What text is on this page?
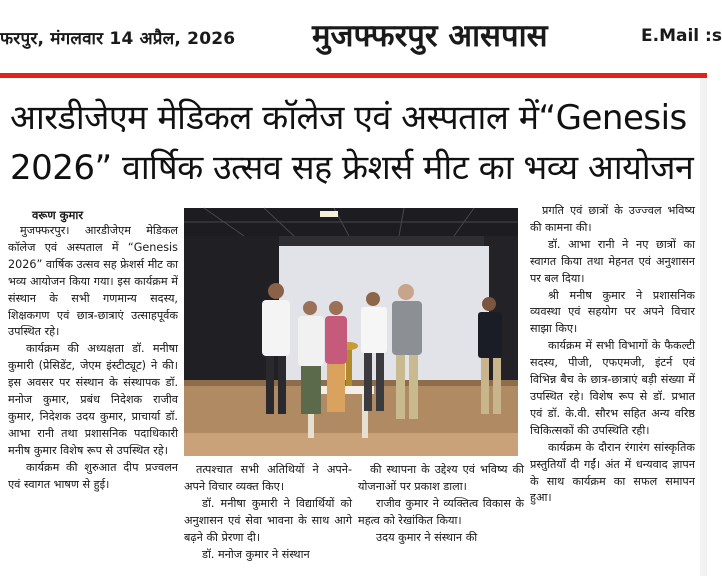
फरपुर, मंगलवार 14 अप्रैल, 2026 मुजफ्फरपुर आसपास	E.Mail :s
आरडीजेएम मेडिकल कॉलेज एवं अस्पताल में“Genesis
2026” वार्षिक उत्सव सह फ्रेशर्स मीट का भव्य आयोजन
वरूण कुमार

मुजफ्फरपुर। आरडीजेएम मेडिकल कॉलेज एवं अस्पताल में “Genesis 2026” वार्षिक उत्सव सह फ्रेशर्स मीट का भव्य आयोजन किया गया। इस कार्यक्रम में संस्थान के सभी गणमान्य सदस्य, शिक्षकगण एवं छात्र-छात्राएं उत्साहपूर्वक उपस्थित रहे।

कार्यक्रम की अध्यक्षता डॉ. मनीषा कुमारी (प्रेसिडेंट, जेएम इंस्टीट्यूट) ने की। इस अवसर पर संस्थान के संस्थापक डॉ. मनोज कुमार, प्रबंध निदेशक राजीव कुमार, निदेशक उदय कुमार, प्राचार्या डॉ. आभा रानी तथा प्रशासनिक पदाधिकारी मनीष कुमार विशेष रूप से उपस्थित रहे।

कार्यक्रम की शुरुआत दीप प्रज्वलन एवं स्वागत भाषण से हुई।

तत्पश्चात सभी अतिथियों ने अपने-अपने विचार व्यक्त किए।

डॉ. मनीषा कुमारी ने विद्यार्थियों को अनुशासन एवं सेवा भावना के साथ आगे बढ़ने की प्रेरणा दी।

डॉ. मनोज कुमार ने संस्थान

की स्थापना के उद्देश्य एवं भविष्य की योजनाओं पर प्रकाश डाला।

राजीव कुमार ने व्यक्तित्व विकास के महत्व को रेखांकित किया।

उदय कुमार ने संस्थान की

प्रगति एवं छात्रों के उज्ज्वल भविष्य की कामना की।

डॉ. आभा रानी ने नए छात्रों का स्वागत किया तथा मेहनत एवं अनुशासन पर बल दिया।

श्री मनीष कुमार ने प्रशासनिक व्यवस्था एवं सहयोग पर अपने विचार साझा किए।

कार्यक्रम में सभी विभागों के फैकल्टी सदस्य, पीजी, एफएमजी, इंटर्न एवं विभिन्न बैच के छात्र-छात्राएं बड़ी संख्या में उपस्थित रहे। विशेष रूप से डॉ. प्रभात एवं डॉ. के.वी. सौरभ सहित अन्य वरिष्ठ चिकित्सकों की उपस्थिति रही।

कार्यक्रम के दौरान रंगारंग सांस्कृतिक प्रस्तुतियाँ दी गईं। अंत में धन्यवाद ज्ञापन के साथ कार्यक्रम का सफल समापन हुआ।
